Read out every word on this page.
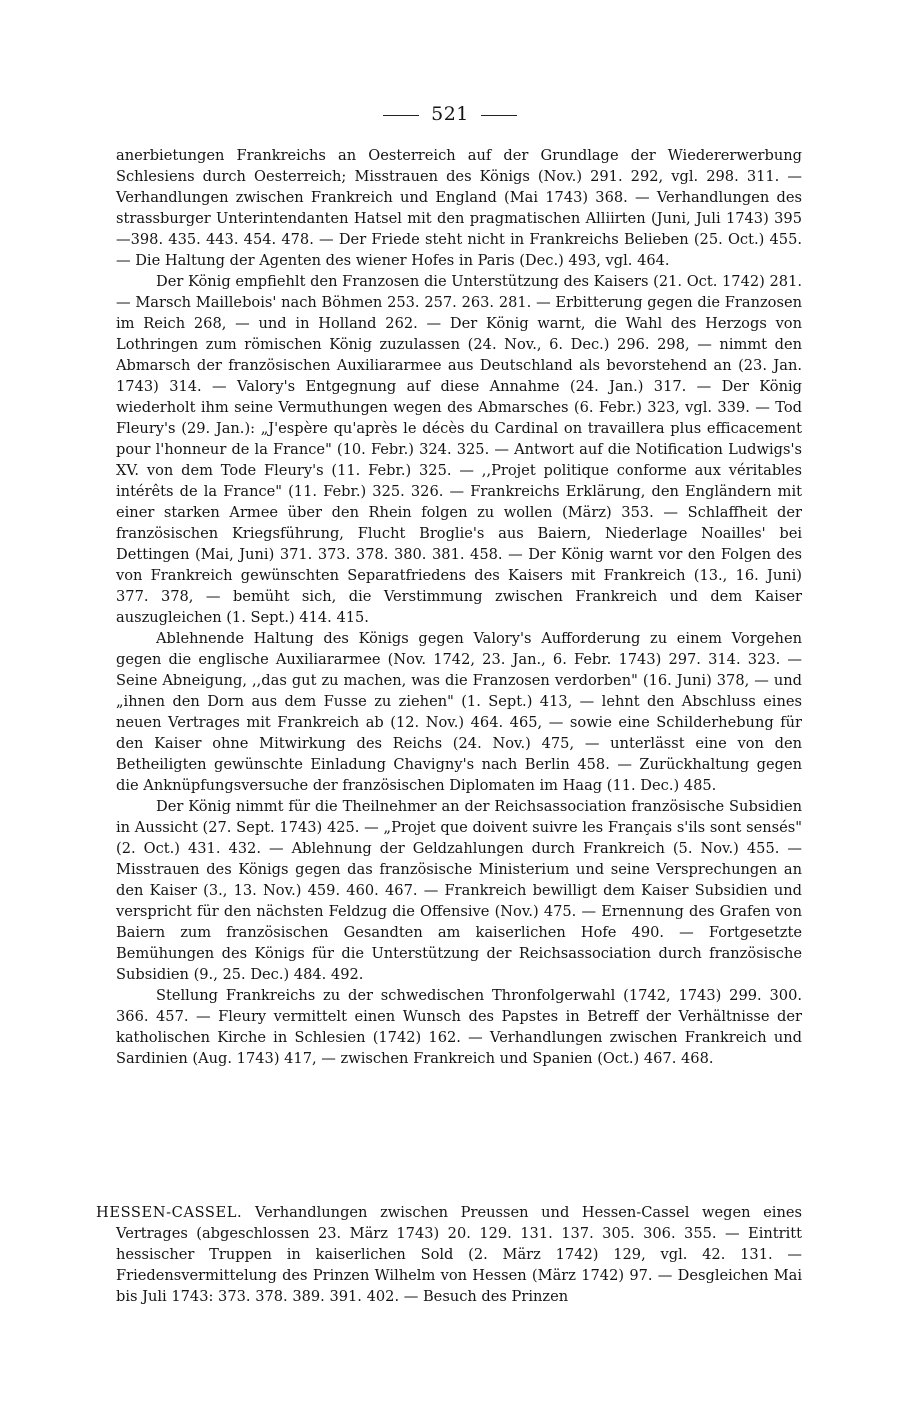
521

anerbietungen Frankreichs an Oesterreich auf der Grundlage der Wiedererwerbung Schlesiens durch Oesterreich; Misstrauen des Königs (Nov.) 291. 292, vgl. 298. 311. — Verhandlungen zwischen Frankreich und England (Mai 1743) 368. — Verhandlungen des strassburger Unterintendanten Hatsel mit den pragmatischen Alliirten (Juni, Juli 1743) 395—398. 435. 443. 454. 478. — Der Friede steht nicht in Frankreichs Belieben (25. Oct.) 455. — Die Haltung der Agenten des wiener Hofes in Paris (Dec.) 493, vgl. 464.

Der König empfiehlt den Franzosen die Unterstützung des Kaisers (21. Oct. 1742) 281. — Marsch Maillebois' nach Böhmen 253. 257. 263. 281. — Erbitterung gegen die Franzosen im Reich 268, — und in Holland 262. — Der König warnt, die Wahl des Herzogs von Lothringen zum römischen König zuzulassen (24. Nov., 6. Dec.) 296. 298, — nimmt den Abmarsch der französischen Auxiliararmee aus Deutschland als bevorstehend an (23. Jan. 1743) 314. — Valory's Entgegnung auf diese Annahme (24. Jan.) 317. — Der König wiederholt ihm seine Vermuthungen wegen des Abmarsches (6. Febr.) 323, vgl. 339. — Tod Fleury's (29. Jan.): „J'espère qu'après le décès du Cardinal on travaillera plus efficacement pour l'honneur de la France" (10. Febr.) 324. 325. — Antwort auf die Notification Ludwigs's XV. von dem Tode Fleury's (11. Febr.) 325. — ,,Projet politique conforme aux véritables intérêts de la France" (11. Febr.) 325. 326. — Frankreichs Erklärung, den Engländern mit einer starken Armee über den Rhein folgen zu wollen (März) 353. — Schlaffheit der französischen Kriegsführung, Flucht Broglie's aus Baiern, Niederlage Noailles' bei Dettingen (Mai, Juni) 371. 373. 378. 380. 381. 458. — Der König warnt vor den Folgen des von Frankreich gewünschten Separatfriedens des Kaisers mit Frankreich (13., 16. Juni) 377. 378, — bemüht sich, die Verstimmung zwischen Frankreich und dem Kaiser auszugleichen (1. Sept.) 414. 415.

Ablehnende Haltung des Königs gegen Valory's Aufforderung zu einem Vorgehen gegen die englische Auxiliararmee (Nov. 1742, 23. Jan., 6. Febr. 1743) 297. 314. 323. — Seine Abneigung, ,,das gut zu machen, was die Franzosen verdorben" (16. Juni) 378, — und „ihnen den Dorn aus dem Fusse zu ziehen" (1. Sept.) 413, — lehnt den Abschluss eines neuen Vertrages mit Frankreich ab (12. Nov.) 464. 465, — sowie eine Schilderhebung für den Kaiser ohne Mitwirkung des Reichs (24. Nov.) 475, — unterlässt eine von den Betheiligten gewünschte Einladung Chavigny's nach Berlin 458. — Zurückhaltung gegen die Anknüpfungsversuche der französischen Diplomaten im Haag (11. Dec.) 485.

Der König nimmt für die Theilnehmer an der Reichsassociation französische Subsidien in Aussicht (27. Sept. 1743) 425. — „Projet que doivent suivre les Français s'ils sont sensés" (2. Oct.) 431. 432. — Ablehnung der Geldzahlungen durch Frankreich (5. Nov.) 455. — Misstrauen des Königs gegen das französische Ministerium und seine Versprechungen an den Kaiser (3., 13. Nov.) 459. 460. 467. — Frankreich bewilligt dem Kaiser Subsidien und verspricht für den nächsten Feldzug die Offensive (Nov.) 475. — Ernennung des Grafen von Baiern zum französischen Gesandten am kaiserlichen Hofe 490. — Fortgesetzte Bemühungen des Königs für die Unterstützung der Reichsassociation durch französische Subsidien (9., 25. Dec.) 484. 492.

Stellung Frankreichs zu der schwedischen Thronfolgerwahl (1742, 1743) 299. 300. 366. 457. — Fleury vermittelt einen Wunsch des Papstes in Betreff der Verhältnisse der katholischen Kirche in Schlesien (1742) 162. — Verhandlungen zwischen Frankreich und Sardinien (Aug. 1743) 417, — zwischen Frankreich und Spanien (Oct.) 467. 468.

HESSEN-CASSEL. Verhandlungen zwischen Preussen und Hessen-Cassel wegen eines Vertrages (abgeschlossen 23. März 1743) 20. 129. 131. 137. 305. 306. 355. — Eintritt hessischer Truppen in kaiserlichen Sold (2. März 1742) 129, vgl. 42. 131. — Friedensvermittelung des Prinzen Wilhelm von Hessen (März 1742) 97. — Desgleichen Mai bis Juli 1743: 373. 378. 389. 391. 402. — Besuch des Prinzen
